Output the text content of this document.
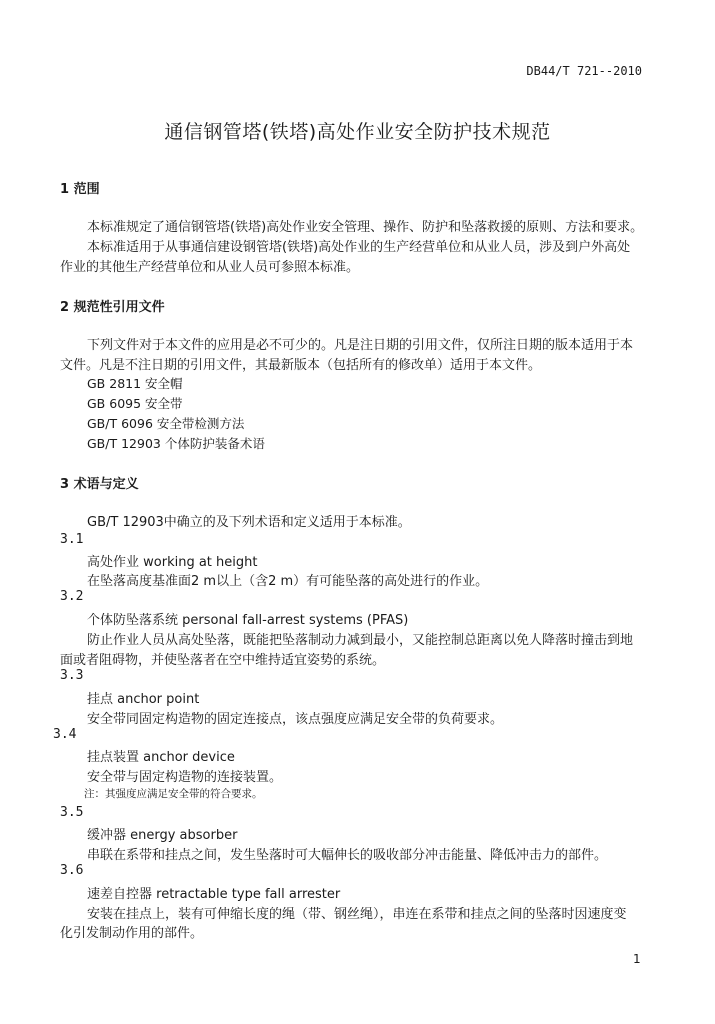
DB44/T 721--2010
通信钢管塔(铁塔)高处作业安全防护技术规范
1 范围
本标准规定了通信钢管塔(铁塔)高处作业安全管理、操作、防护和坠落救援的原则、方法和要求。
本标准适用于从事通信建设钢管塔(铁塔)高处作业的生产经营单位和从业人员，涉及到户外高处
作业的其他生产经营单位和从业人员可参照本标准。
2 规范性引用文件
下列文件对于本文件的应用是必不可少的。凡是注日期的引用文件，仅所注日期的版本适用于本
文件。凡是不注日期的引用文件，其最新版本（包括所有的修改单）适用于本文件。
GB 2811 安全帽
GB 6095 安全带
GB/T 6096 安全带检测方法
GB/T 12903 个体防护装备术语
3 术语与定义
GB/T 12903中确立的及下列术语和定义适用于本标准。
3.1
高处作业 working at height
在坠落高度基准面2 m以上（含2 m）有可能坠落的高处进行的作业。
3.2
个体防坠落系统 personal fall-arrest systems (PFAS)
防止作业人员从高处坠落，既能把坠落制动力减到最小，又能控制总距离以免人降落时撞击到地
面或者阻碍物，并使坠落者在空中维持适宜姿势的系统。
3.3
挂点 anchor point
安全带同固定构造物的固定连接点，该点强度应满足安全带的负荷要求。
3.4
挂点装置 anchor device
安全带与固定构造物的连接装置。
注：其强度应满足安全带的符合要求。
3.5
缓冲器 energy absorber
串联在系带和挂点之间，发生坠落时可大幅伸长的吸收部分冲击能量、降低冲击力的部件。
3.6
速差自控器 retractable type fall arrester
安装在挂点上，装有可伸缩长度的绳（带、钢丝绳），串连在系带和挂点之间的坠落时因速度变
化引发制动作用的部件。
1
